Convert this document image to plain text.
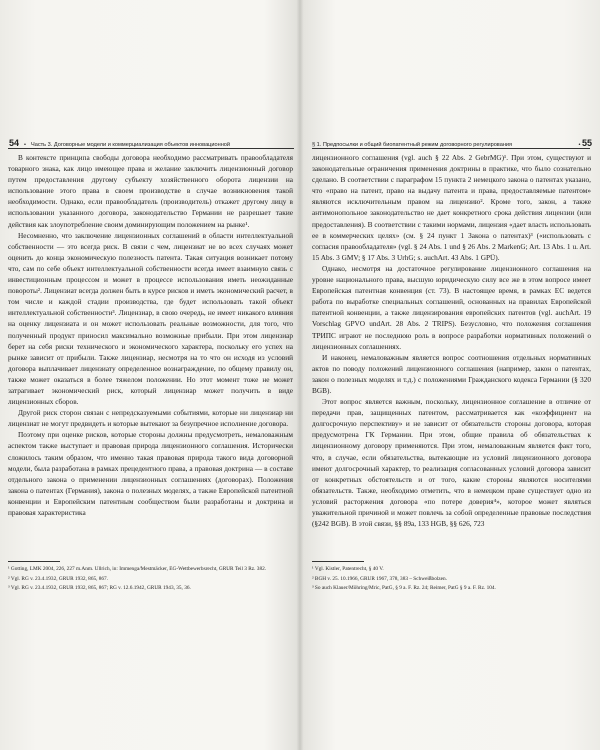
54 • Часть 3. Договорные модели и коммерциализация объектов инновационной

В контексте принципа свободы договора необходимо рассматривать правообладателя товарного знака, как лицо имеющее права и желание заключить лицензионный договор путем предоставления другому субъекту хозяйственного оборота лицензии на использование этого права в своем производстве в случае возникновения такой необходимости. Однако, если правообладатель (производитель) откажет другому лицу в использовании указанного договора, законодательство Германии не разрешает такие действия как злоупотребление своим доминирующим положением на рынке¹.

Несомненно, что заключение лицензионных соглашений в области интеллектуальной собственности — это всегда риск. В связи с чем, лицензиат не во всех случаях может оценить до конца экономическую полезность патента. Такая ситуация возникает потому что, сам по себе объект интеллектуальной собственности всегда имеет взаимную связь с инвестиционным процессом и может в процессе использования иметь неожиданные повороты². Лицензиат всегда должен быть в курсе рисков и иметь экономический расчет, в том числе и каждой стадии производства, где будет использовать такой объект интеллектуальной собственности³. Лицензиар, в свою очередь, не имеет никакого влияния на оценку лицензиата и он может использовать реальные возможности, для того, что полученный продукт приносил максимально возможные прибыли. При этом лицензиар берет на себя риски технического и экономического характера, поскольку его успех на рынке зависит от прибыли. Также лицензиар, несмотря на то что он исходя из условий договора выплачивает лицензиату определенное вознаграждение, по общему правилу он, также может оказаться в более тяжелом положении. Но этот момент тоже не может затрагивает экономический риск, который лицензиар может получить в виде лицензионных сборов.

Другой риск сторон связан с непредсказуемыми событиями, которые ни лицензиар ни лицензиат не могут предвидеть и которые вытекают за безупречное исполнение договора.

Поэтому при оценке рисков, которые стороны должны предусмотреть, немаловажным аспектом также выступает и правовая природа лицензионного соглашения. Исторически сложилось таким образом, что именно такая правовая природа такого вида договорной модели, была разработана в рамках прецедентного права, а правовая доктрина — в составе отдельного закона о применении лицензионных соглашениях (договорах). Положения закона о патентах (Германия), закона о полезных моделях, а также Европейской патентной конвенции и Европейским патентным сообществом были разработаны и доктрина и правовая характеристика

¹ Gotting, LMK 2004, 226, 227 m.Anm. Ullrich, in: Immenga/Mestmäcker, EG-Wettbewerbsrecht, GRUR Teil 3 Rz. 382.
² Vgl. RG v. 23.4.1932, GRUR 1932, 865, 867.
³ Vgl. RG v. 23.4.1932, GRUR 1932, 865, 867; RG v. 12.6.1942, GRUR 1943, 35, 36.
§ 1. Предпосылки и общий биопатентный режим договорного регулирования	• 55

лицензионного соглашения (vgl. auch § 22 Abs. 2 GebrMG)¹. При этом, существуют и законодательные ограничения применения доктрины в практике, что было сознательно сделано. В соответствии с параграфом 15 пункта 2 немецкого закона о патентах указано, что «право на патент, право на выдачу патента и права, предоставляемые патентом» являются исключительным правом на лицензию². Кроме того, закон, а также антимонопольное законодательство не дает конкретного срока действия лицензии (или предоставления). В соответствии с такими нормами, лицензия «дает власть использовать ее в коммерческих целях» (см. § 24 пункт 1 Закона о патентах)³ («использовать с согласия правообладателя» (vgl. § 24 Abs. 1 und § 26 Abs. 2 MarkenG; Art. 13 Abs. 1 u. Art. 15 Abs. 3 GMV; § 17 Abs. 3 UrhG; s. auchArt. 43 Abs. 1 GPÜ).

Однако, несмотря на достаточное регулирование лицензионного соглашения на уровне национального права, высшую юридическую силу все же в этом вопросе имеет Европейская патентная конвенция (ст. 73). В настоящее время, в рамках ЕС ведется работа по выработке специальных соглашений, основанных на правилах Европейской патентной конвенции, а также лицензирования европейских патентов (vgl. auchArt. 19 Vorschlag GPVO undArt. 28 Abs. 2 TRIPS). Безусловно, что положения соглашения ТРИПС играют не последнюю роль в вопросе разработки нормативных положений о лицензионных соглашениях.

И наконец, немаловажным является вопрос соотношения отдельных нормативных актов по поводу положений лицензионного соглашения (например, закон о патентах, закон о полезных моделях и т.д.) с положениями Гражданского кодекса Германии (§ 320 BGB).

Этот вопрос является важным, поскольку, лицензионное соглашение в отличие от передачи прав, защищенных патентом, рассматривается как «коэффициент на долгосрочную перспективу» и не зависит от обязательств стороны договора, которая предусмотрена ГК Германии. При этом, общие правила об обязательствах к лицензионному договору применяются. При этом, немаловажным является факт того, что, в случае, если обязательства, вытекающие из условий лицензионного договора имеют долгосрочный характер, то реализация согласованных условий договора зависит от конкретных обстоятельств и от того, какие стороны являются носителями обязательств. Также, необходимо отметить, что в немецком праве существует одно из условий расторжения договора «по потере доверия⁴», которое может являться уважительной причиной и может повлечь за собой определенные правовые последствия (§242 BGB). В этой связи, §§ 89a, 133 HGB, §§ 626, 723

¹ Vgl. Kistler, Patentrecht, § 40 V.
² BGH v. 25. 10.1966, GRUR 1967, 378, 383 – Schweißbolzen.
³ So auch Klauer/Möhring/Mric, PatG, § 9 a. F. Rz. 24; Reimer, PatG § 9 a. F. Rz. 104.
